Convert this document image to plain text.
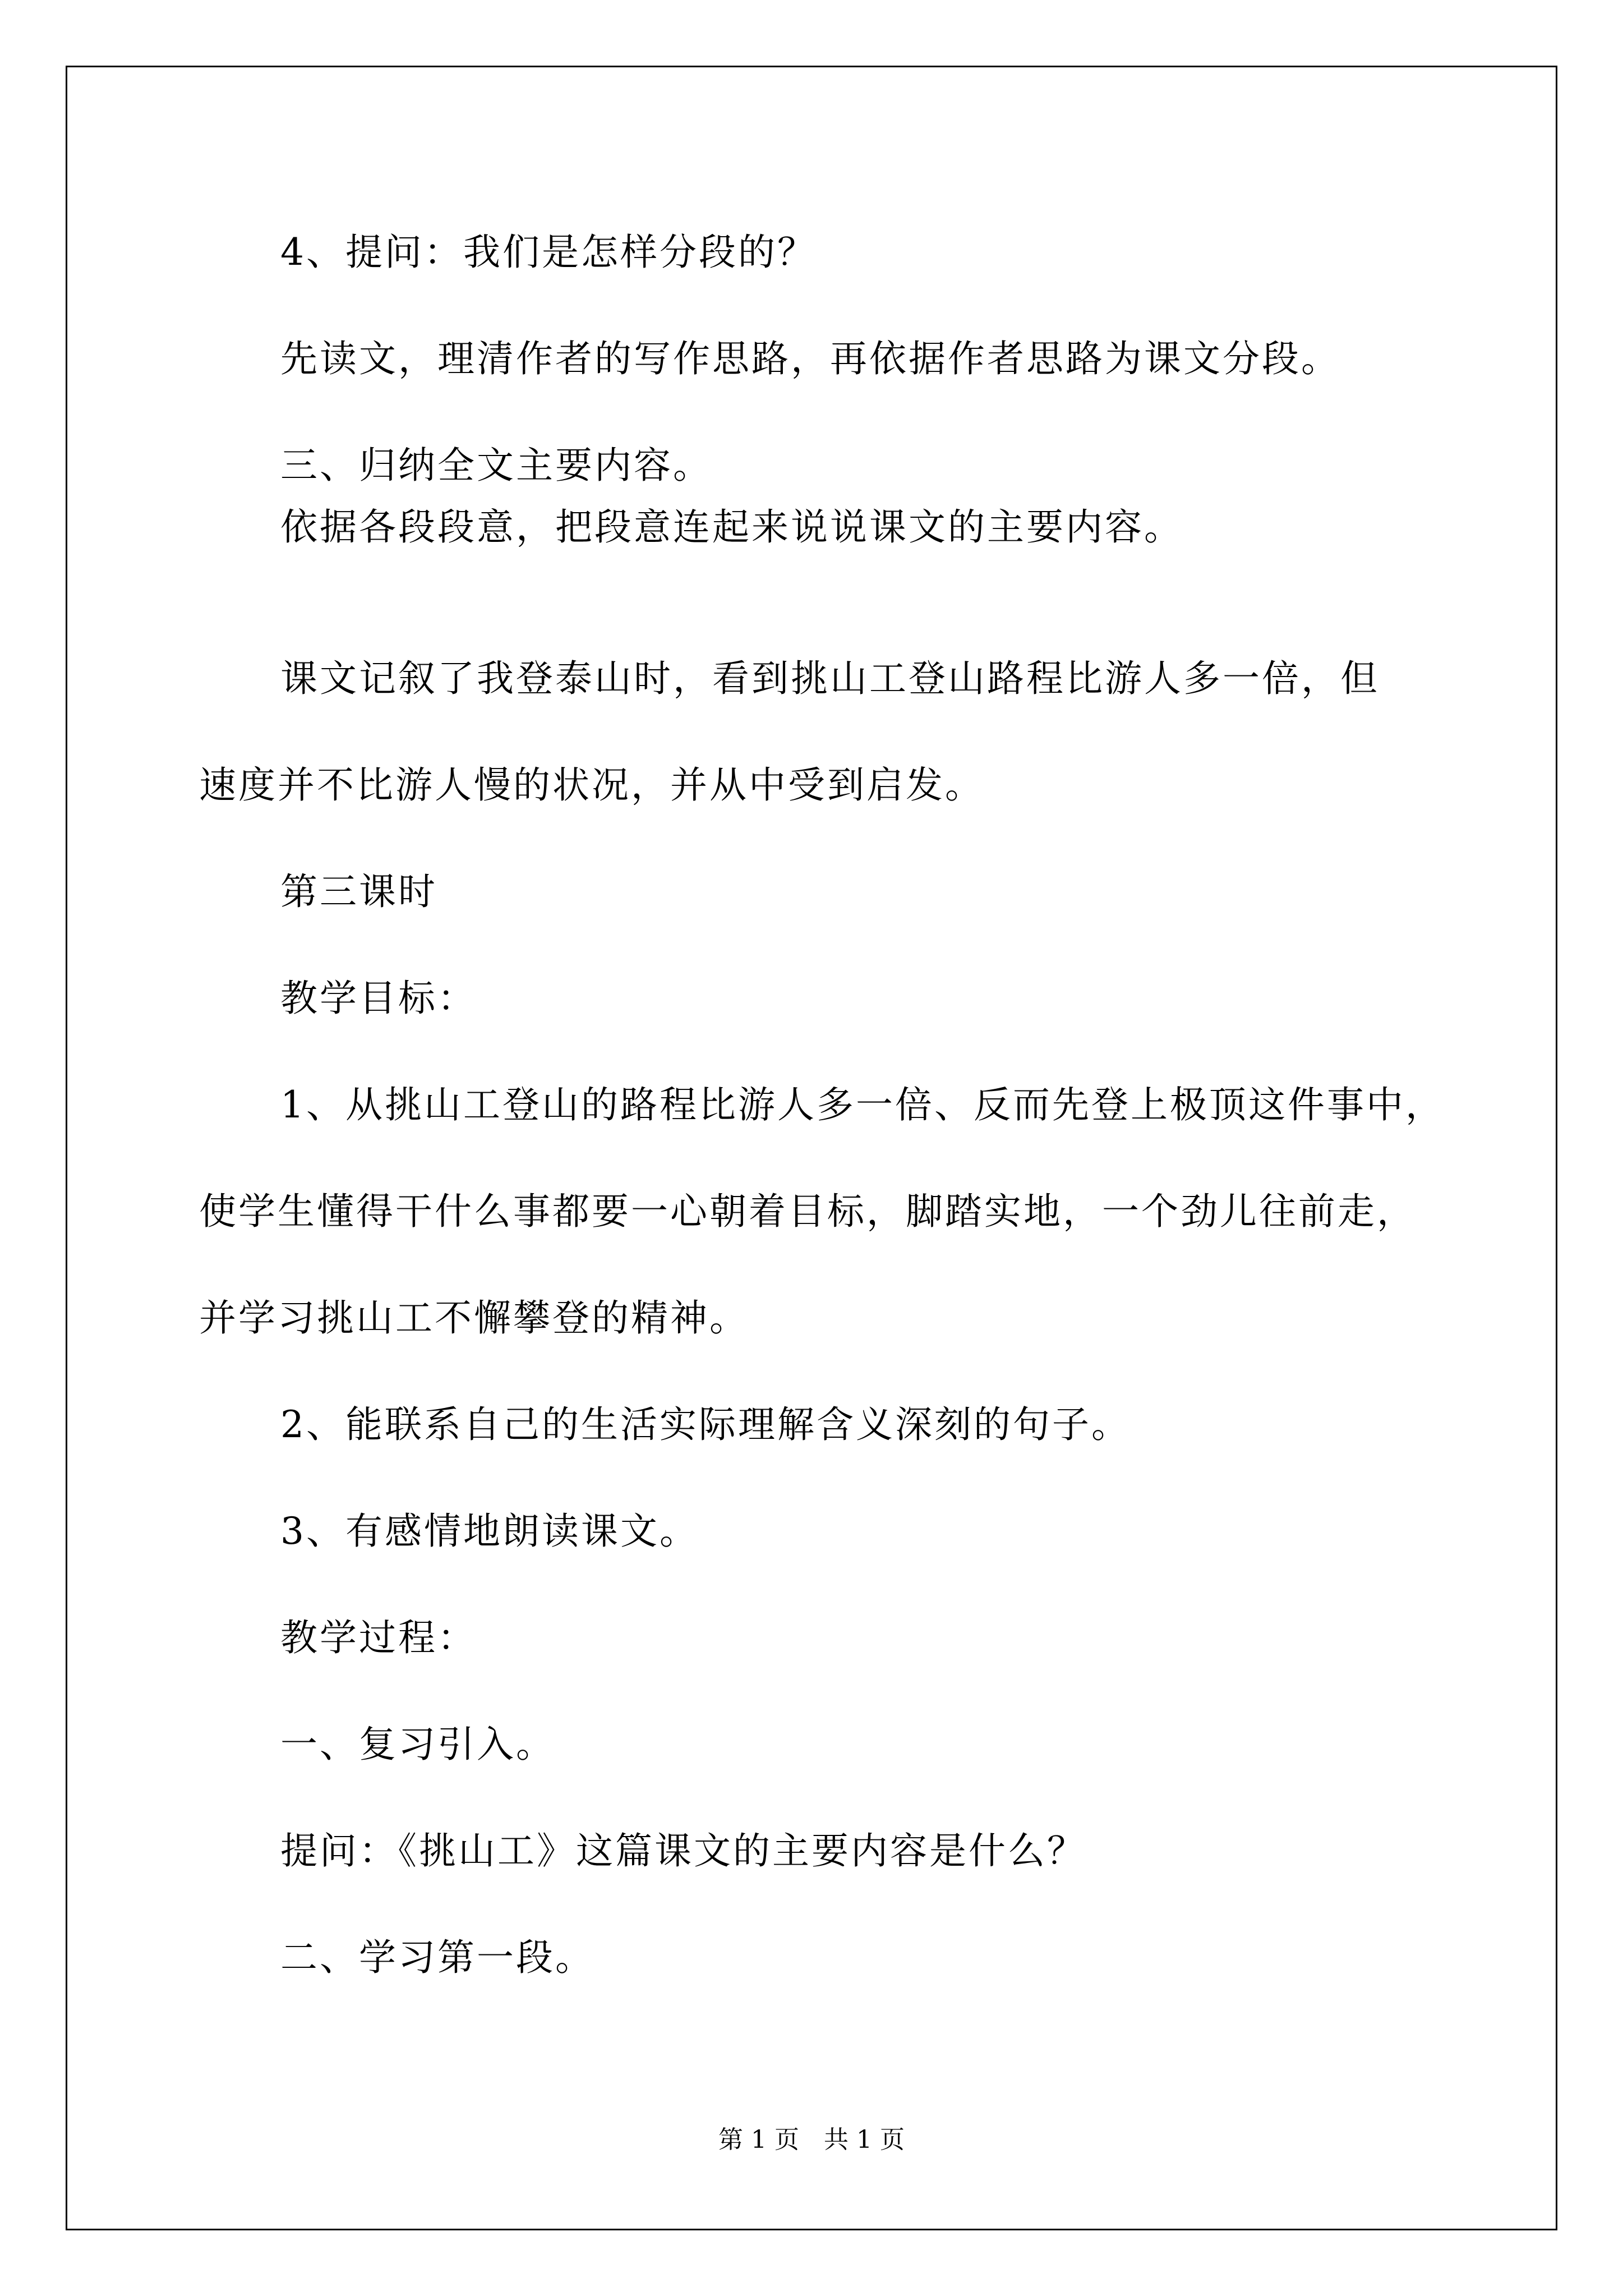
4、提问：我们是怎样分段的？
先读文，理清作者的写作思路，再依据作者思路为课文分段。
三、归纳全文主要内容。
依据各段段意，把段意连起来说说课文的主要内容。
课文记叙了我登泰山时，看到挑山工登山路程比游人多一倍，但
速度并不比游人慢的状况，并从中受到启发。
第三课时
教学目标：
1、从挑山工登山的路程比游人多一倍、反而先登上极顶这件事中，
使学生懂得干什么事都要一心朝着目标，脚踏实地，一个劲儿往前走，
并学习挑山工不懈攀登的精神。
2、能联系自己的生活实际理解含义深刻的句子。
3、有感情地朗读课文。
教学过程：
一、复习引入。
提问：《挑山工》这篇课文的主要内容是什么？
二、学习第一段。
第 1 页　共 1 页
